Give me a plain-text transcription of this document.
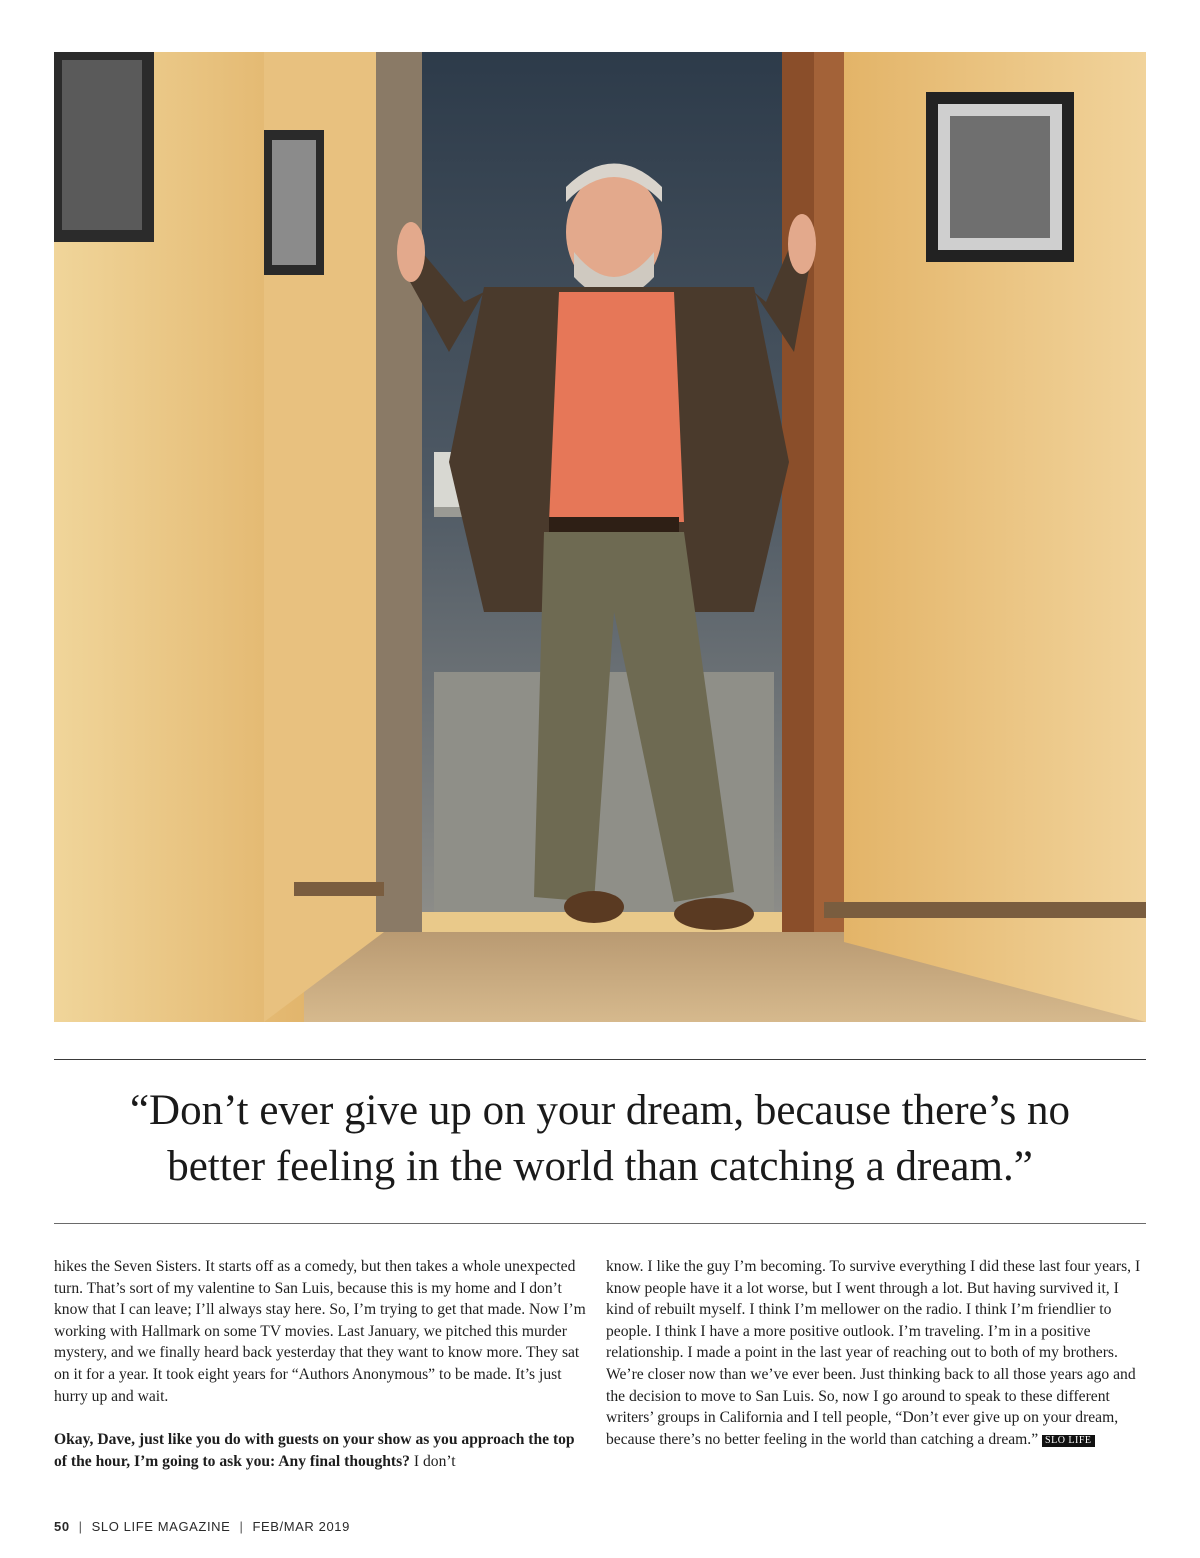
“Don’t ever give up on your dream, because there’s no
better feeling in the world than catching a dream.”

hikes the Seven Sisters. It starts off as a comedy, but then takes a whole unexpected turn. That’s sort of my valentine to San Luis, because this is my home and I don’t know that I can leave; I’ll always stay here. So, I’m trying to get that made. Now I’m working with Hallmark on some TV movies. Last January, we pitched this murder mystery, and we finally heard back yesterday that they want to know more. They sat on it for a year. It took eight years for “Authors Anonymous” to be made. It’s just hurry up and wait.

Okay, Dave, just like you do with guests on your show as you approach the top of the hour, I’m going to ask you: Any final thoughts? I don’t

know. I like the guy I’m becoming. To survive everything I did these last four years, I know people have it a lot worse, but I went through a lot. But having survived it, I kind of rebuilt myself. I think I’m mellower on the radio. I think I’m friendlier to people. I think I have a more positive outlook. I’m traveling. I’m in a positive relationship. I made a point in the last year of reaching out to both of my brothers. We’re closer now than we’ve ever been. Just thinking back to all those years ago and the decision to move to San Luis. So, now I go around to speak to these different writers’ groups in California and I tell people, “Don’t ever give up on your dream, because there’s no better feeling in the world than catching a dream.” SLO LIFE

50 | SLO LIFE MAGAZINE | FEB/MAR 2019
